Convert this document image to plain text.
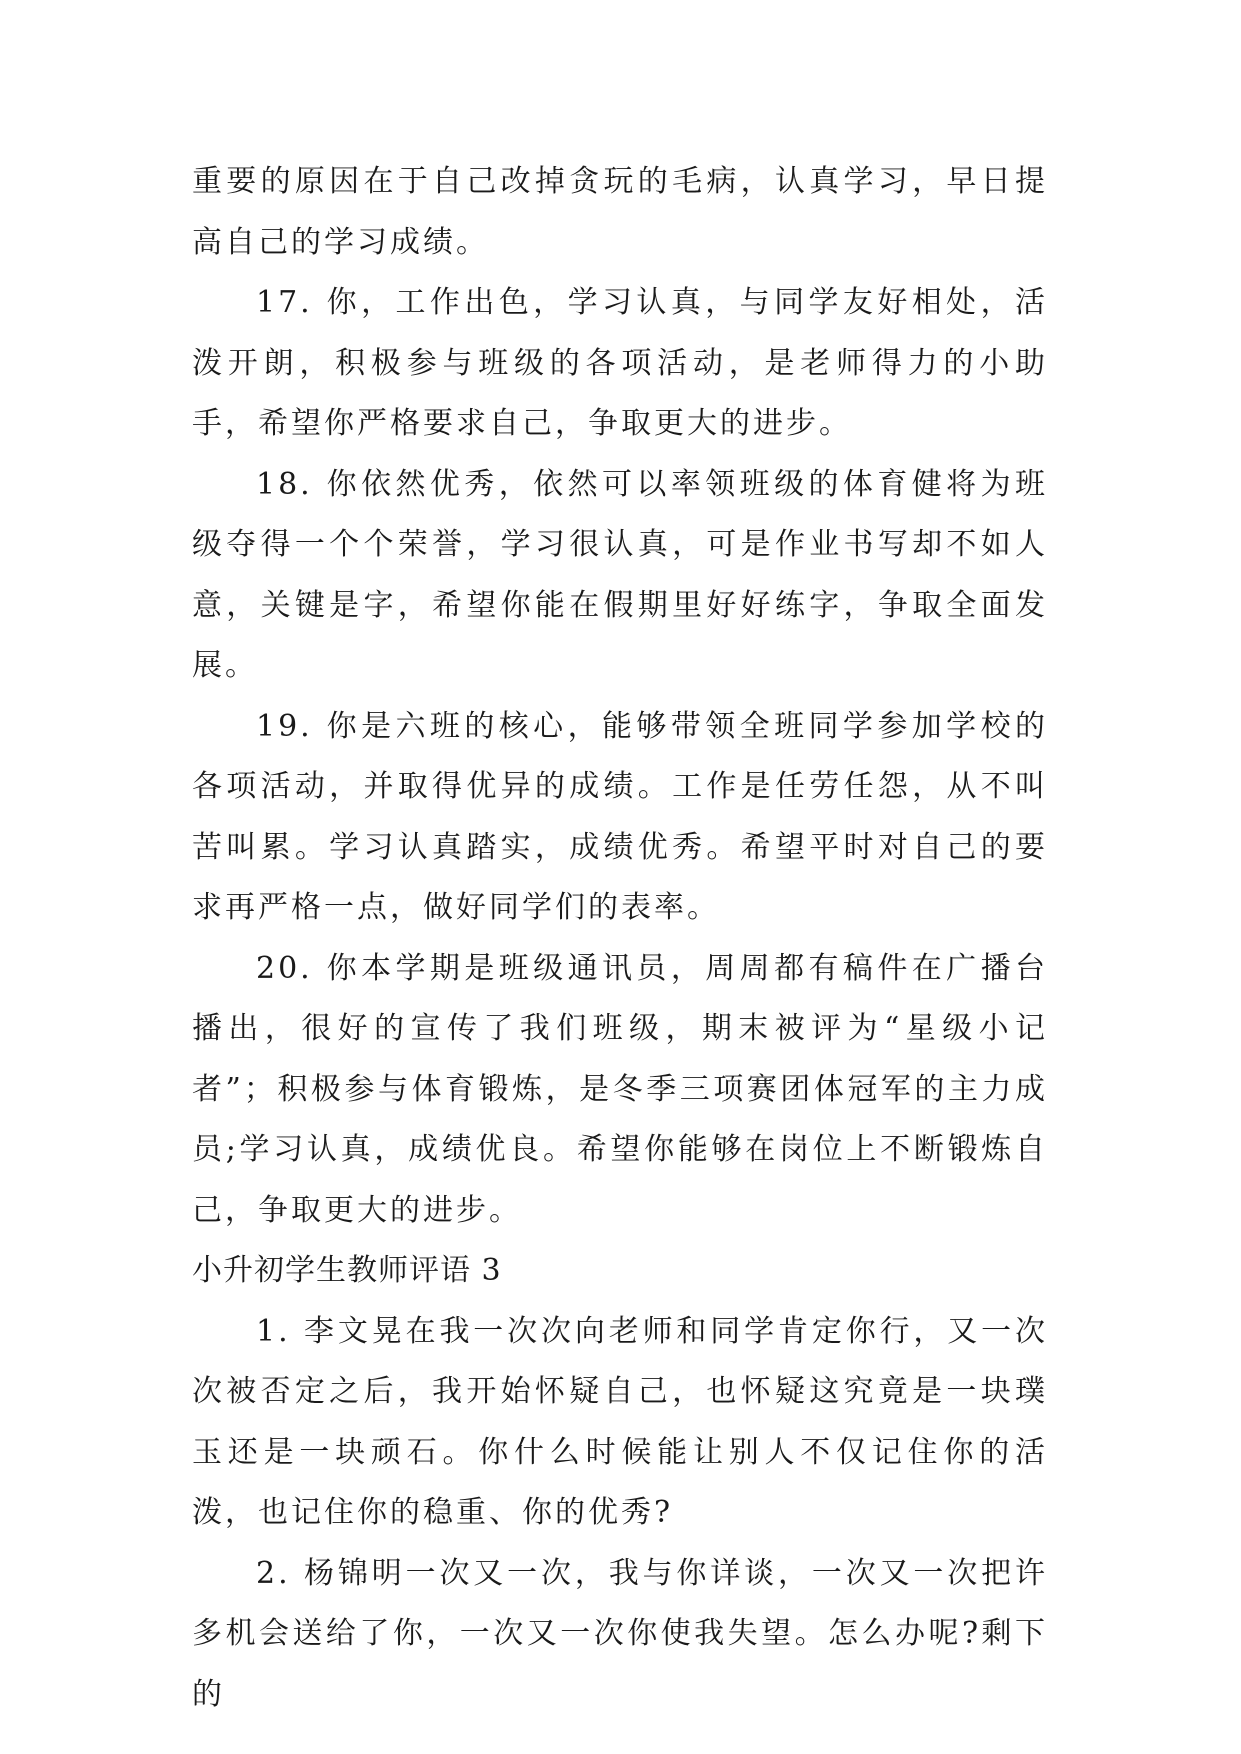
重要的原因在于自己改掉贪玩的毛病，认真学习，早日提高自己的学习成绩。

17. 你，工作出色，学习认真，与同学友好相处，活泼开朗，积极参与班级的各项活动，是老师得力的小助手，希望你严格要求自己，争取更大的进步。

18. 你依然优秀，依然可以率领班级的体育健将为班级夺得一个个荣誉，学习很认真，可是作业书写却不如人意，关键是字，希望你能在假期里好好练字，争取全面发展。

19. 你是六班的核心，能够带领全班同学参加学校的各项活动，并取得优异的成绩。工作是任劳任怨，从不叫苦叫累。学习认真踏实，成绩优秀。希望平时对自己的要求再严格一点，做好同学们的表率。

20. 你本学期是班级通讯员，周周都有稿件在广播台播出，很好的宣传了我们班级，期末被评为“星级小记者”；积极参与体育锻炼，是冬季三项赛团体冠军的主力成员;学习认真，成绩优良。希望你能够在岗位上不断锻炼自己，争取更大的进步。

小升初学生教师评语 3

1. 李文晃在我一次次向老师和同学肯定你行，又一次次被否定之后，我开始怀疑自己，也怀疑这究竟是一块璞玉还是一块顽石。你什么时候能让别人不仅记住你的活泼，也记住你的稳重、你的优秀?

2. 杨锦明一次又一次，我与你详谈，一次又一次把许多机会送给了你，一次又一次你使我失望。怎么办呢?剩下的
